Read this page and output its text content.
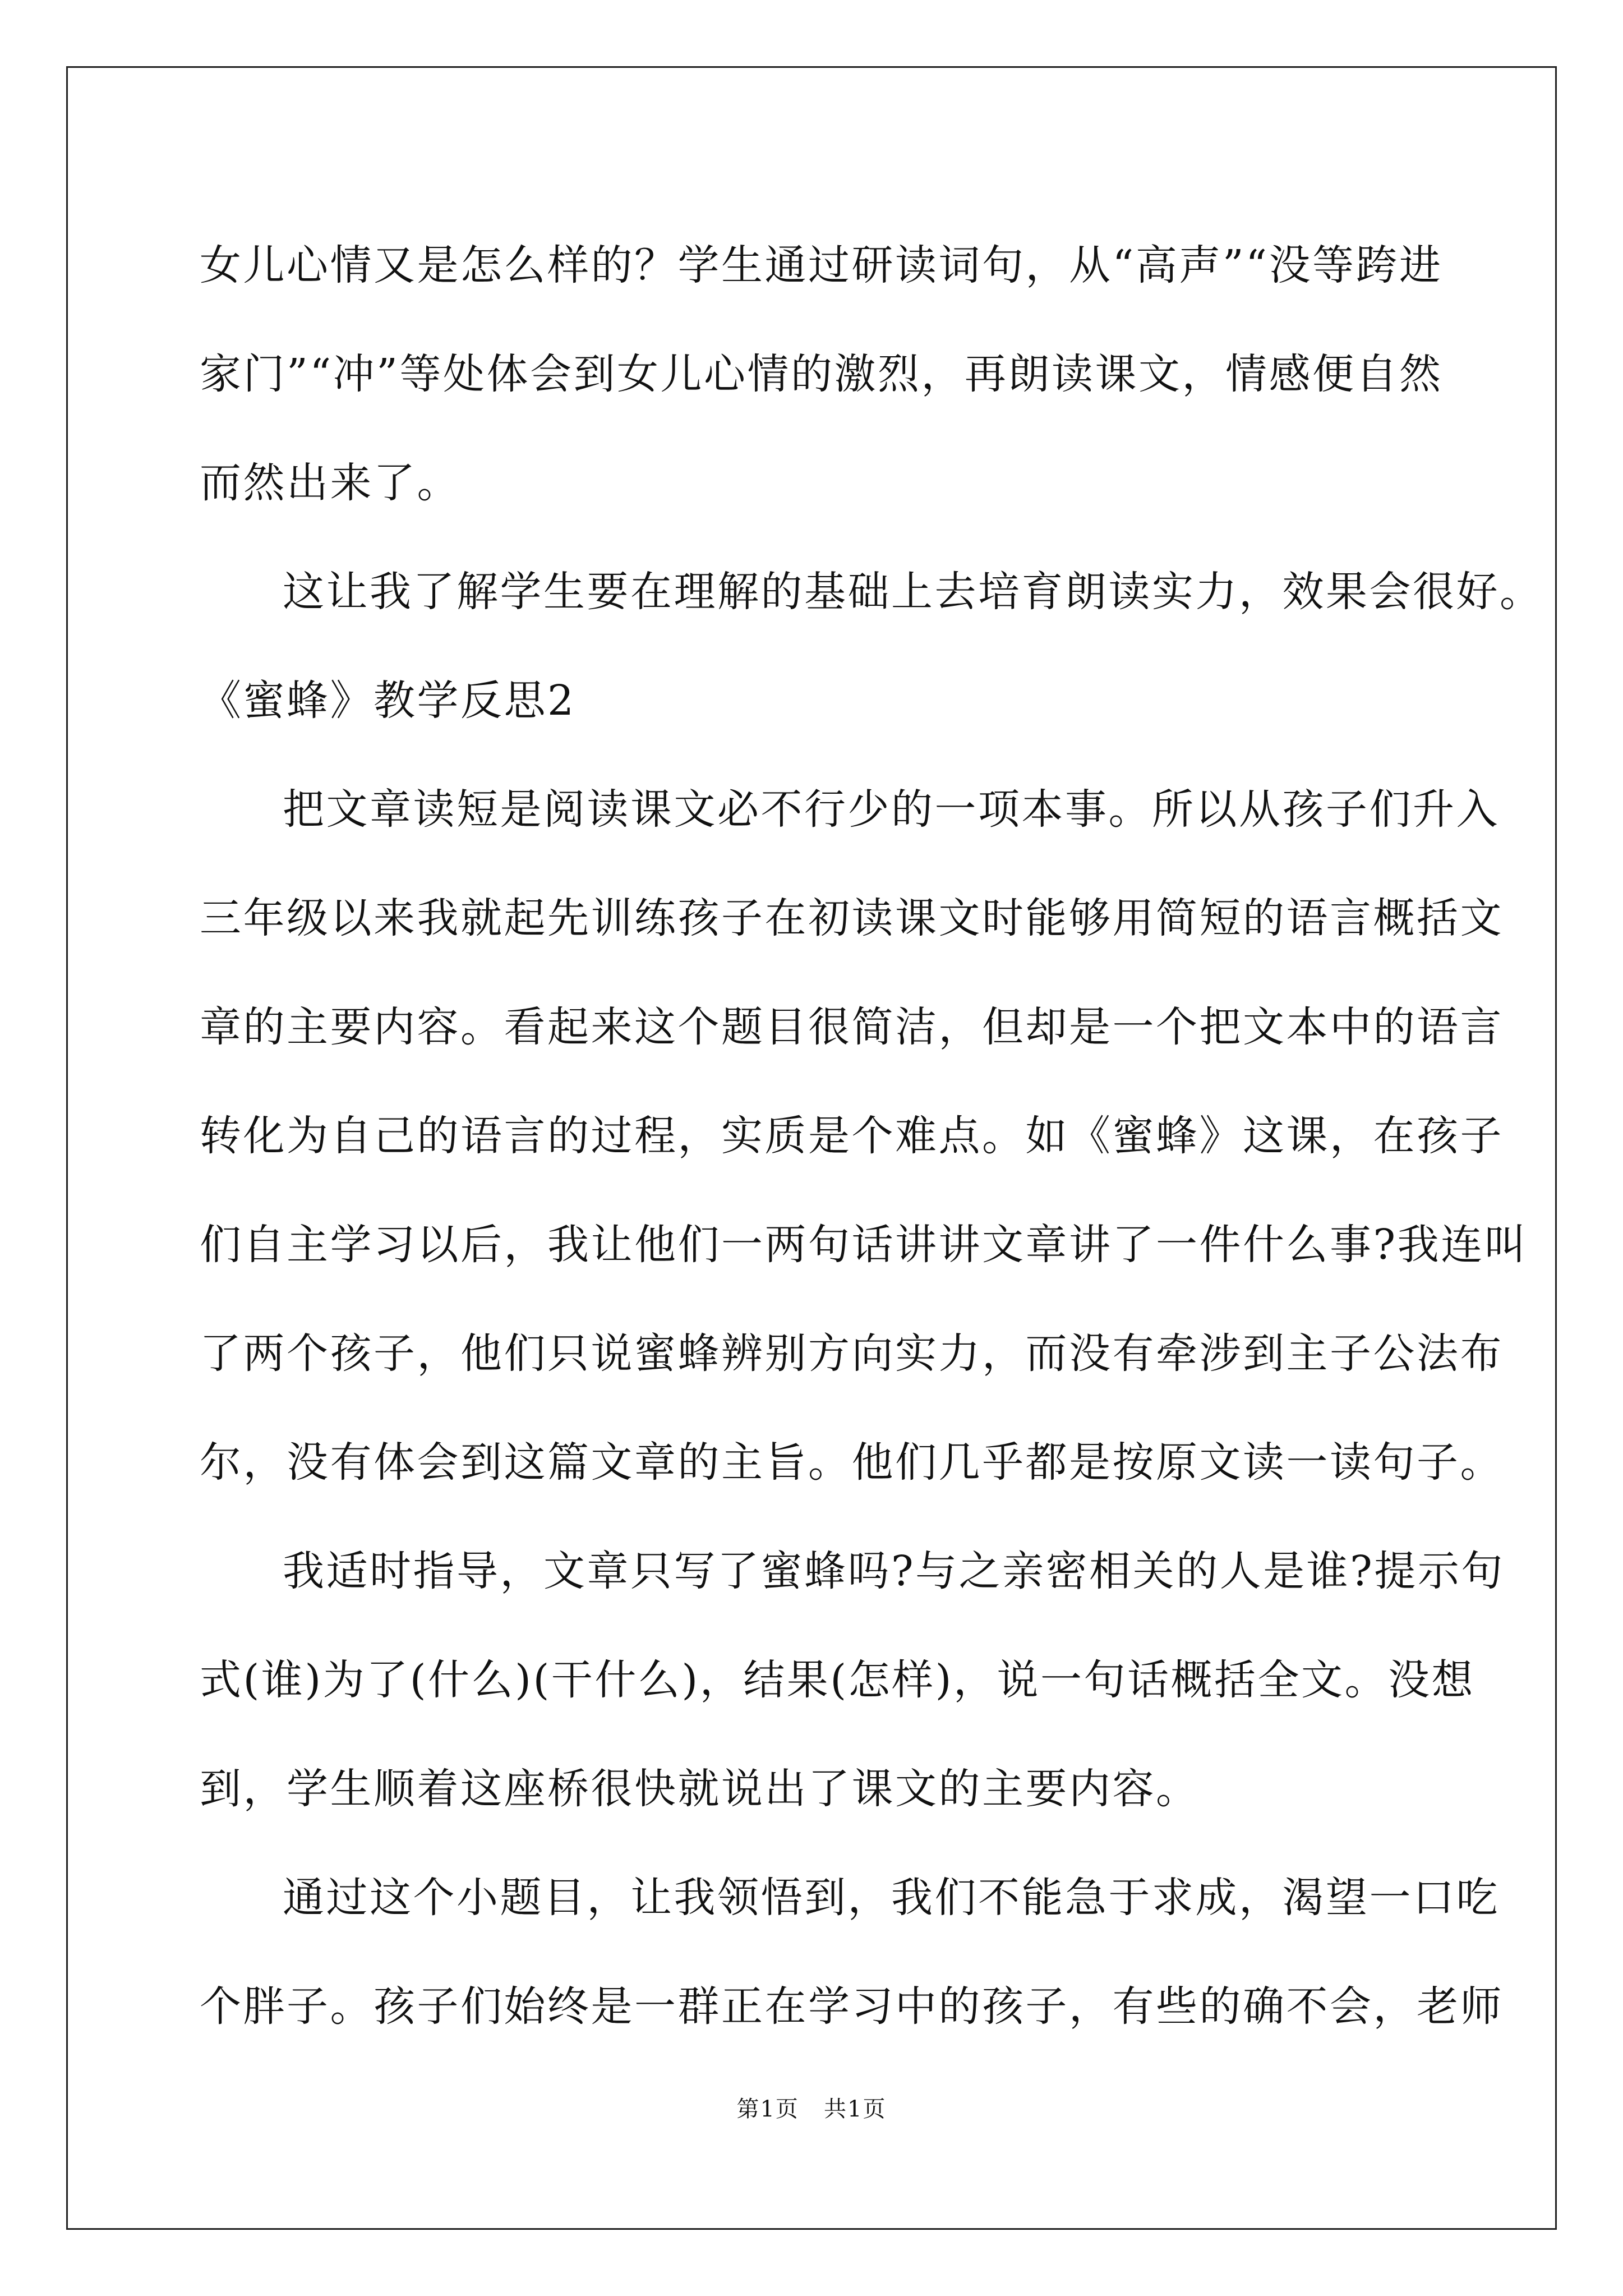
女儿心情又是怎么样的？学生通过研读词句，从“高声”“没等跨进
家门”“冲”等处体会到女儿心情的激烈，再朗读课文，情感便自然
而然出来了。
这让我了解学生要在理解的基础上去培育朗读实力，效果会很好。
《蜜蜂》教学反思2
把文章读短是阅读课文必不行少的一项本事。所以从孩子们升入
三年级以来我就起先训练孩子在初读课文时能够用简短的语言概括文
章的主要内容。看起来这个题目很简洁，但却是一个把文本中的语言
转化为自己的语言的过程，实质是个难点。如《蜜蜂》这课，在孩子
们自主学习以后，我让他们一两句话讲讲文章讲了一件什么事?我连叫
了两个孩子，他们只说蜜蜂辨别方向实力，而没有牵涉到主子公法布
尔，没有体会到这篇文章的主旨。他们几乎都是按原文读一读句子。
我适时指导，文章只写了蜜蜂吗?与之亲密相关的人是谁?提示句
式(谁)为了(什么)(干什么)，结果(怎样)，说一句话概括全文。没想
到，学生顺着这座桥很快就说出了课文的主要内容。
通过这个小题目，让我领悟到，我们不能急于求成，渴望一口吃
个胖子。孩子们始终是一群正在学习中的孩子，有些的确不会，老师
第1页   共1页
